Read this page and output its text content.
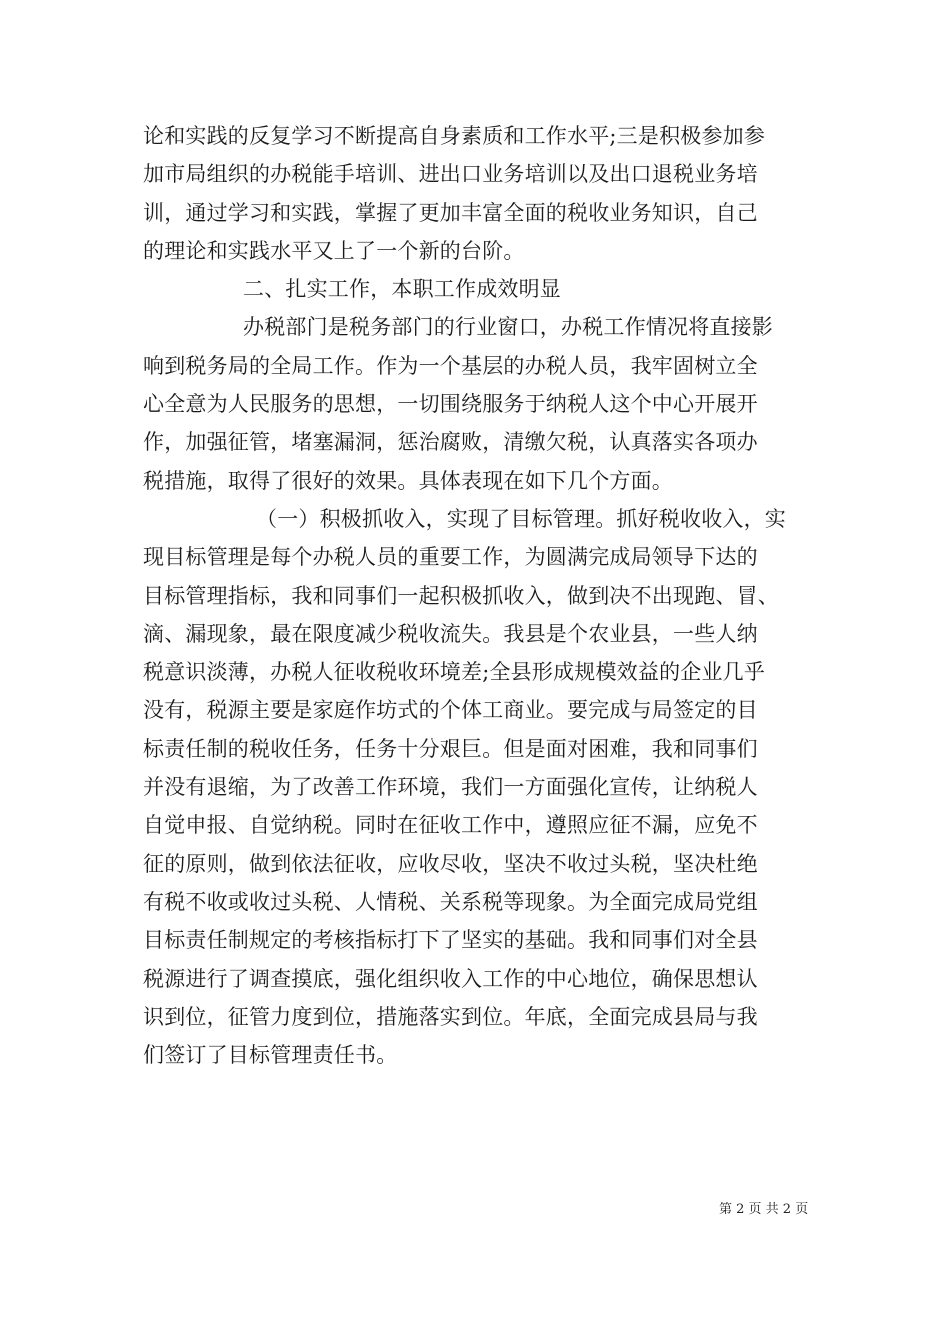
论和实践的反复学习不断提高自身素质和工作水平;三是积极参加参
加市局组织的办税能手培训、进出口业务培训以及出口退税业务培
训，通过学习和实践，掌握了更加丰富全面的税收业务知识，自己
的理论和实践水平又上了一个新的台阶。
二、扎实工作，本职工作成效明显
办税部门是税务部门的行业窗口，办税工作情况将直接影
响到税务局的全局工作。作为一个基层的办税人员，我牢固树立全
心全意为人民服务的思想，一切围绕服务于纳税人这个中心开展开
作，加强征管，堵塞漏洞，惩治腐败，清缴欠税，认真落实各项办
税措施，取得了很好的效果。具体表现在如下几个方面。
（一）积极抓收入，实现了目标管理。抓好税收收入，实
现目标管理是每个办税人员的重要工作，为圆满完成局领导下达的
目标管理指标，我和同事们一起积极抓收入，做到决不出现跑、冒、
滴、漏现象，最在限度减少税收流失。我县是个农业县，一些人纳
税意识淡薄，办税人征收税收环境差;全县形成规模效益的企业几乎
没有，税源主要是家庭作坊式的个体工商业。要完成与局签定的目
标责任制的税收任务，任务十分艰巨。但是面对困难，我和同事们
并没有退缩，为了改善工作环境，我们一方面强化宣传，让纳税人
自觉申报、自觉纳税。同时在征收工作中，遵照应征不漏，应免不
征的原则，做到依法征收，应收尽收，坚决不收过头税，坚决杜绝
有税不收或收过头税、人情税、关系税等现象。为全面完成局党组
目标责任制规定的考核指标打下了坚实的基础。我和同事们对全县
税源进行了调查摸底，强化组织收入工作的中心地位，确保思想认
识到位，征管力度到位，措施落实到位。年底，全面完成县局与我
们签订了目标管理责任书。
第 2 页 共 2 页
